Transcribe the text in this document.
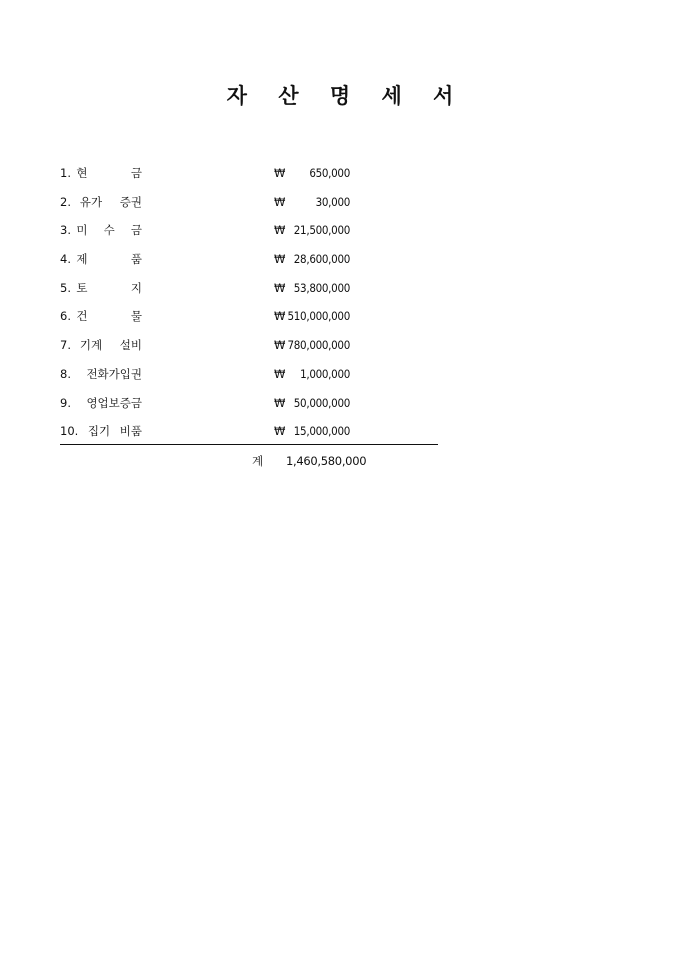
자 산 명 세 서
1. 현        금	₩	650,000
2. 유가  증권	₩	30,000
3. 미   수   금	₩ 21,500,000
4. 제        품	₩ 28,600,000
5. 토        지	₩ 53,800,000
6. 건        물	₩ 510,000,000
7. 기계  설비	₩ 780,000,000
8. 전화가입권	₩	1,000,000
9. 영업보증금	₩ 50,000,000
10. 집기 비품	₩ 15,000,000
계 1,460,580,000
